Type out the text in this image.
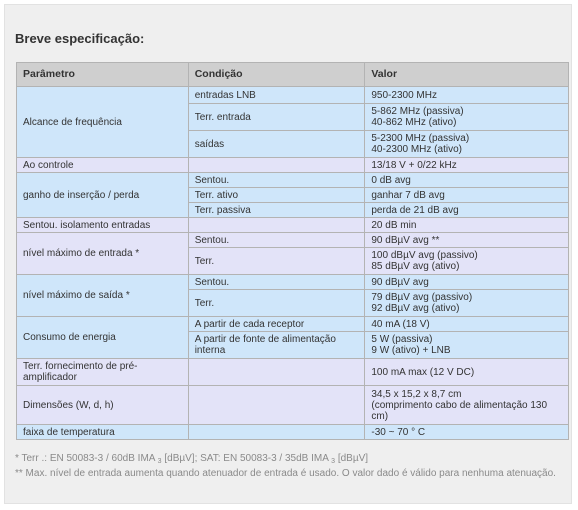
Breve especificação:
Parâmetro	Condição	Valor
Alcance de frequência	entradas LNB	950-2300 MHz

	Terr. entrada	5-862 MHz (passiva)
40-862 MHz (ativo)

	saídas	5-2300 MHz (passiva)
40-2300 MHz (ativo)

Ao controle		13/18 V + 0/22 kHz

ganho de inserção / perda	Sentou.	0 dB avg

	Terr. ativo	ganhar 7 dB avg

	Terr. passiva	perda de 21 dB avg

Sentou. isolamento entradas		20 dB min

nível máximo de entrada *	Sentou.	90 dBµV avg **

	Terr.	100 dBµV avg (passivo)
85 dBµV avg (ativo)

nível máximo de saída *	Sentou.	90 dBµV avg

	Terr.	79 dBµV avg (passivo)
92 dBµV avg (ativo)

Consumo de energia	A partir de cada receptor	40 mA (18 V)

	A partir de fonte de alimentação interna	5 W (passiva)
9 W (ativo) + LNB

Terr. fornecimento de pré-amplificador		100 mA max (12 V DC)

Dimensões (W, d, h)		34,5 x 15,2 x 8,7 cm
(comprimento cabo de alimentação 130 cm)

faixa de temperatura		-30 ~ 70 ° C
* Terr .: EN 50083-3 / 60dB IMA $_3$ [dBµV]; SAT: EN 50083-3 / 35dB IMA $_3$ [dBµV]
** Max. nível de entrada aumenta quando atenuador de entrada é usado. O valor dado é válido para nenhuma atenuação.
